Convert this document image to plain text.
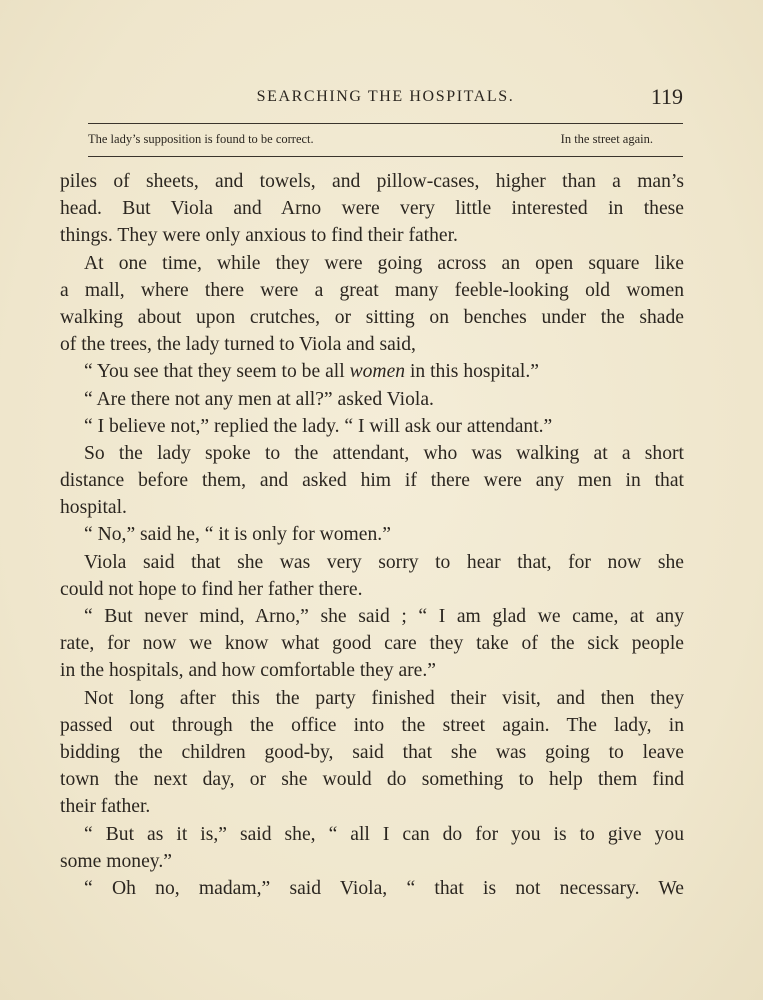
SEARCHING THE HOSPITALS.	119
The lady’s supposition is found to be correct.	In the street again.
piles of sheets, and towels, and pillow-cases, higher than a man’s
head. But Viola and Arno were very little interested in these
things. They were only anxious to find their father.
At one time, while they were going across an open square like
a mall, where there were a great many feeble-looking old women
walking about upon crutches, or sitting on benches under the shade
of the trees, the lady turned to Viola and said,
“ You see that they seem to be all women in this hospital.”
“ Are there not any men at all?” asked Viola.
“ I believe not,” replied the lady. “ I will ask our attendant.”
So the lady spoke to the attendant, who was walking at a short
distance before them, and asked him if there were any men in that
hospital.
“ No,” said he, “ it is only for women.”
Viola said that she was very sorry to hear that, for now she
could not hope to find her father there.
“ But never mind, Arno,” she said ; “ I am glad we came, at any
rate, for now we know what good care they take of the sick people
in the hospitals, and how comfortable they are.”
Not long after this the party finished their visit, and then they
passed out through the office into the street again. The lady, in
bidding the children good-by, said that she was going to leave
town the next day, or she would do something to help them find
their father.
“ But as it is,” said she, “ all I can do for you is to give you
some money.”
“ Oh no, madam,” said Viola, “ that is not necessary. We
